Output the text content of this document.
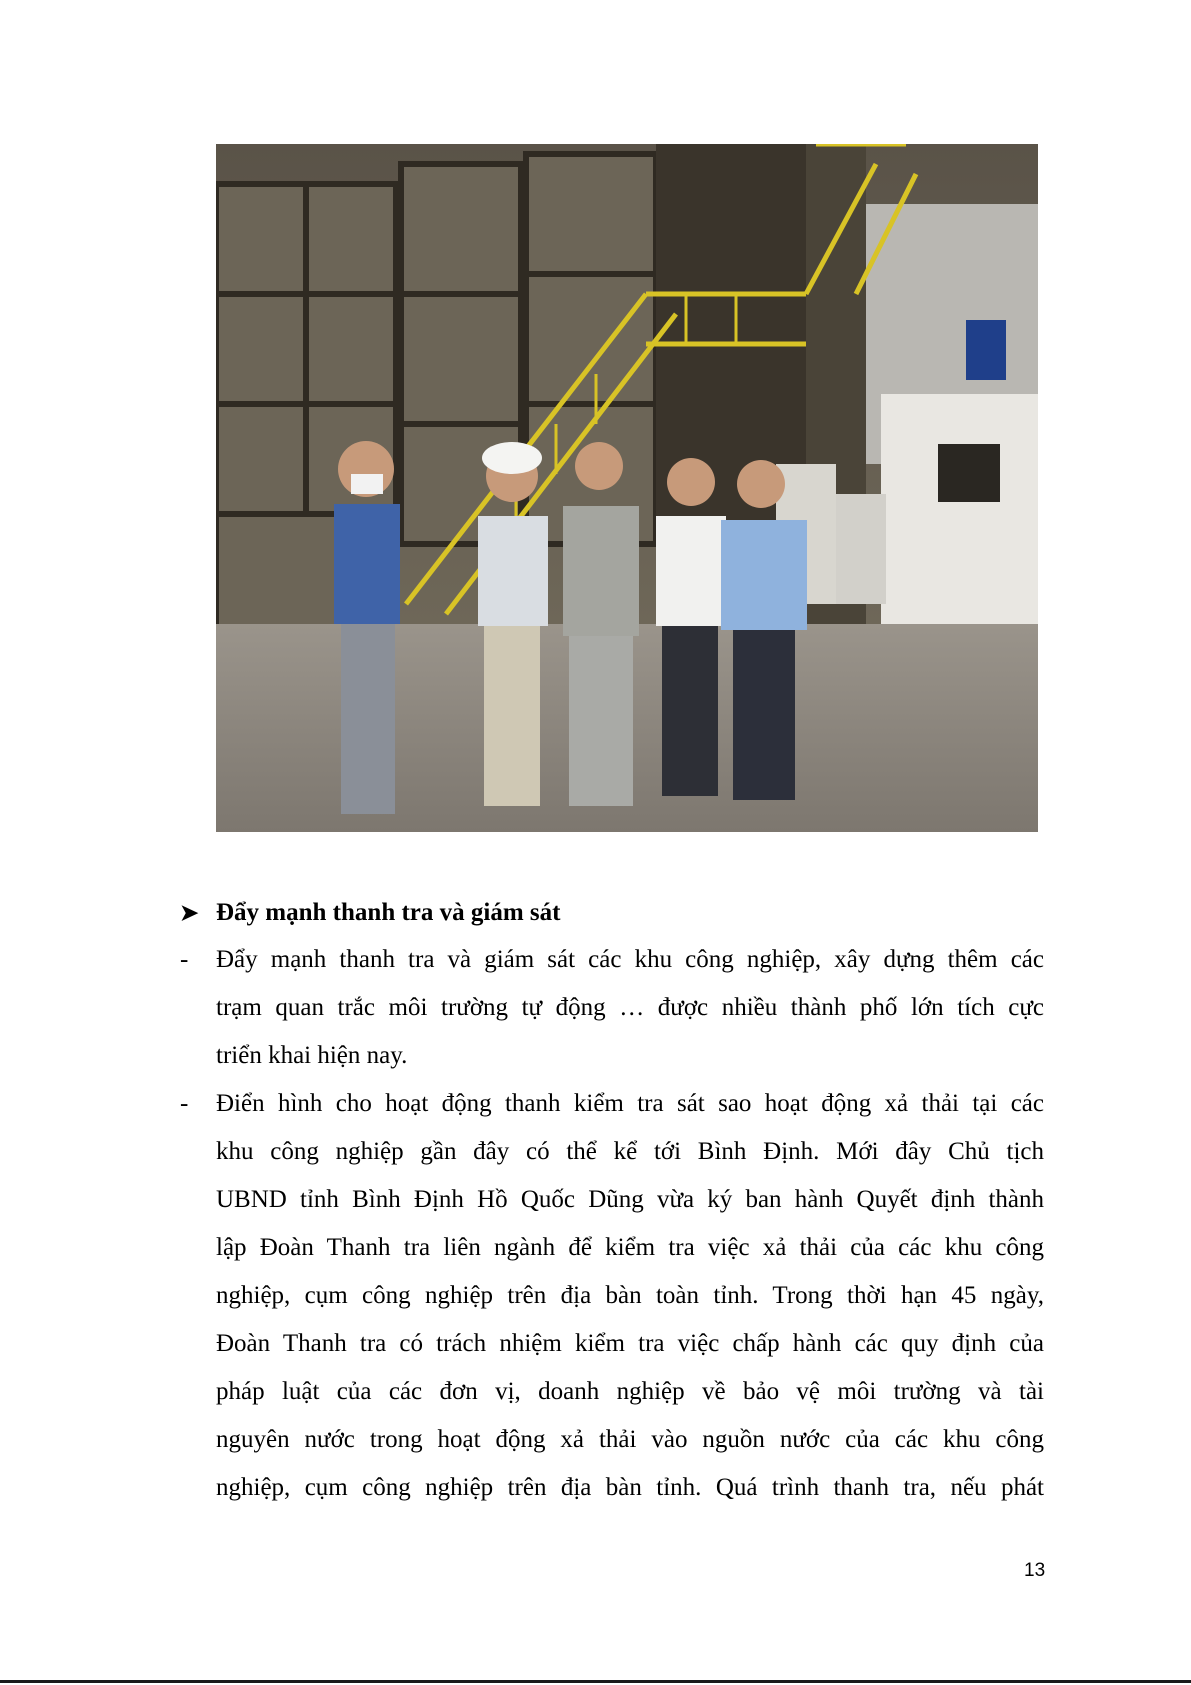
➤ Đẩy mạnh thanh tra và giám sát
- Đẩy mạnh thanh tra và giám sát các khu công nghiệp, xây dựng thêm các
trạm quan trắc môi trường tự động … được nhiều thành phố lớn tích cực
triển khai hiện nay.
- Điển hình cho hoạt động thanh kiểm tra sát sao hoạt động xả thải tại các
khu công nghiệp gần đây có thể kể tới Bình Định. Mới đây Chủ tịch
UBND tỉnh Bình Định Hồ Quốc Dũng vừa ký ban hành Quyết định thành
lập Đoàn Thanh tra liên ngành để kiểm tra việc xả thải của các khu công
nghiệp, cụm công nghiệp trên địa bàn toàn tỉnh. Trong thời hạn 45 ngày,
Đoàn Thanh tra có trách nhiệm kiểm tra việc chấp hành các quy định của
pháp luật của các đơn vị, doanh nghiệp về bảo vệ môi trường và tài
nguyên nước trong hoạt động xả thải vào nguồn nước của các khu công
nghiệp, cụm công nghiệp trên địa bàn tỉnh. Quá trình thanh tra, nếu phát
13
